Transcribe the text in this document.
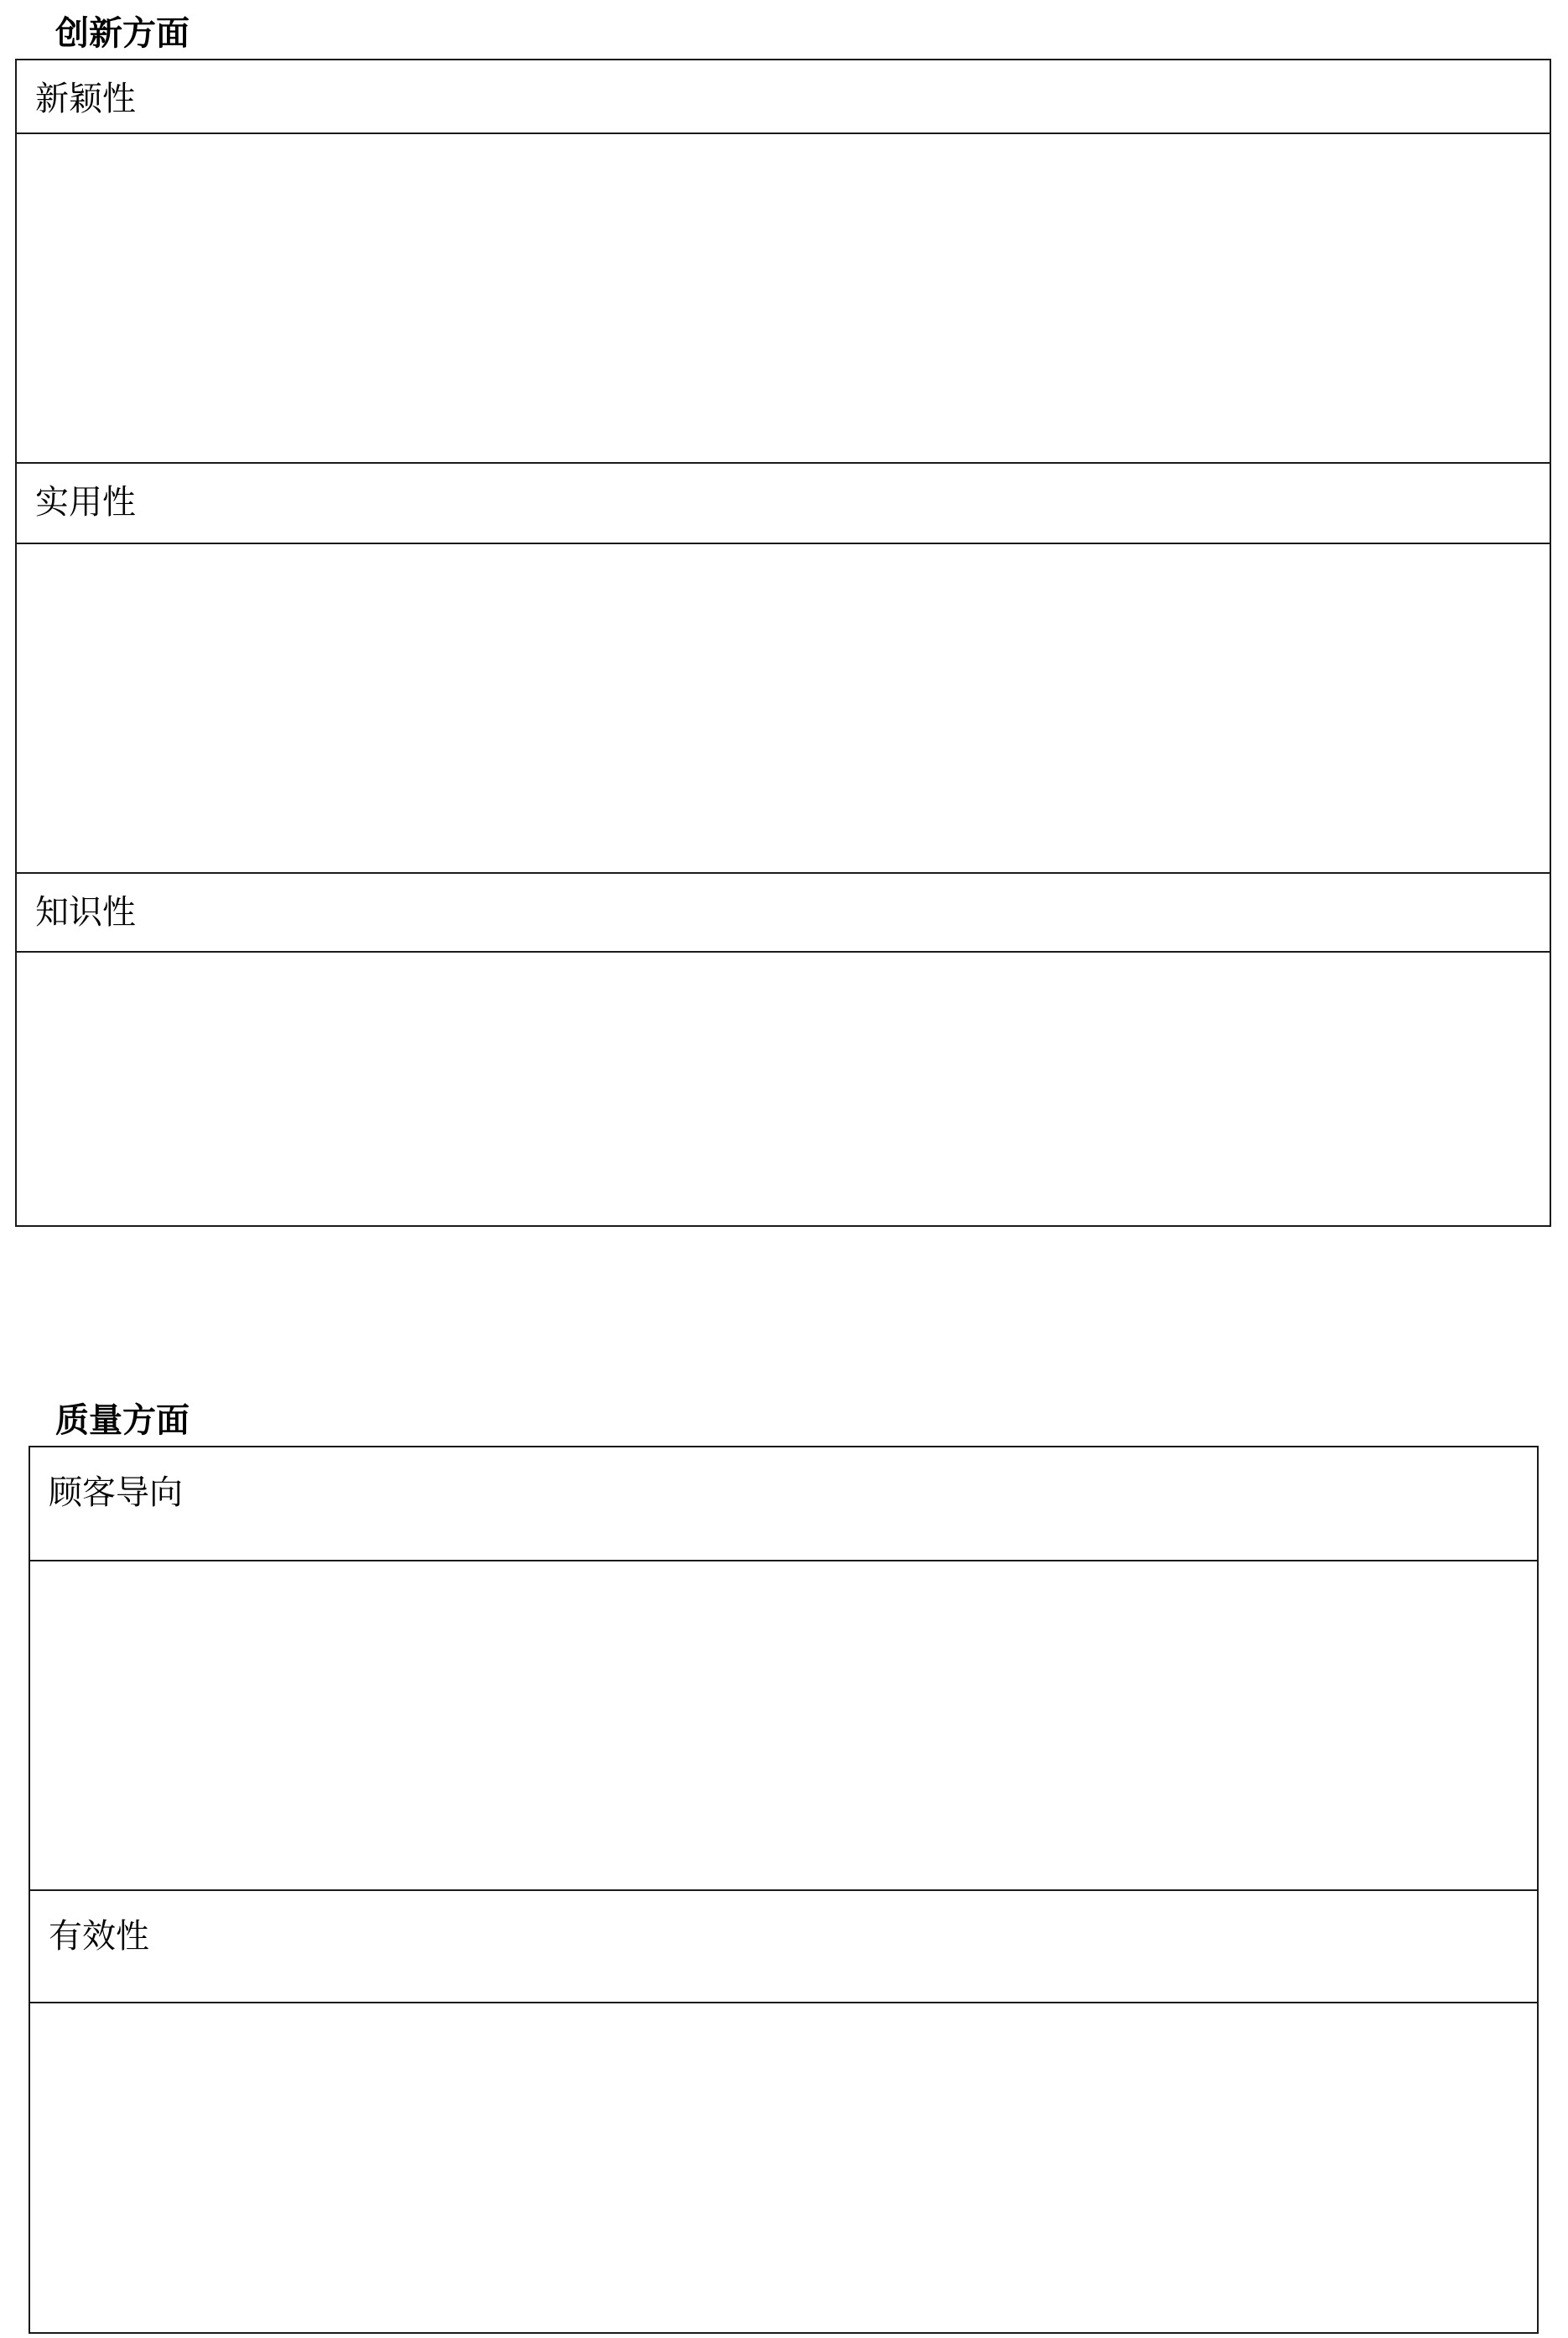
创新方面
新颖性
实用性
知识性
质量方面
顾客导向
有效性
